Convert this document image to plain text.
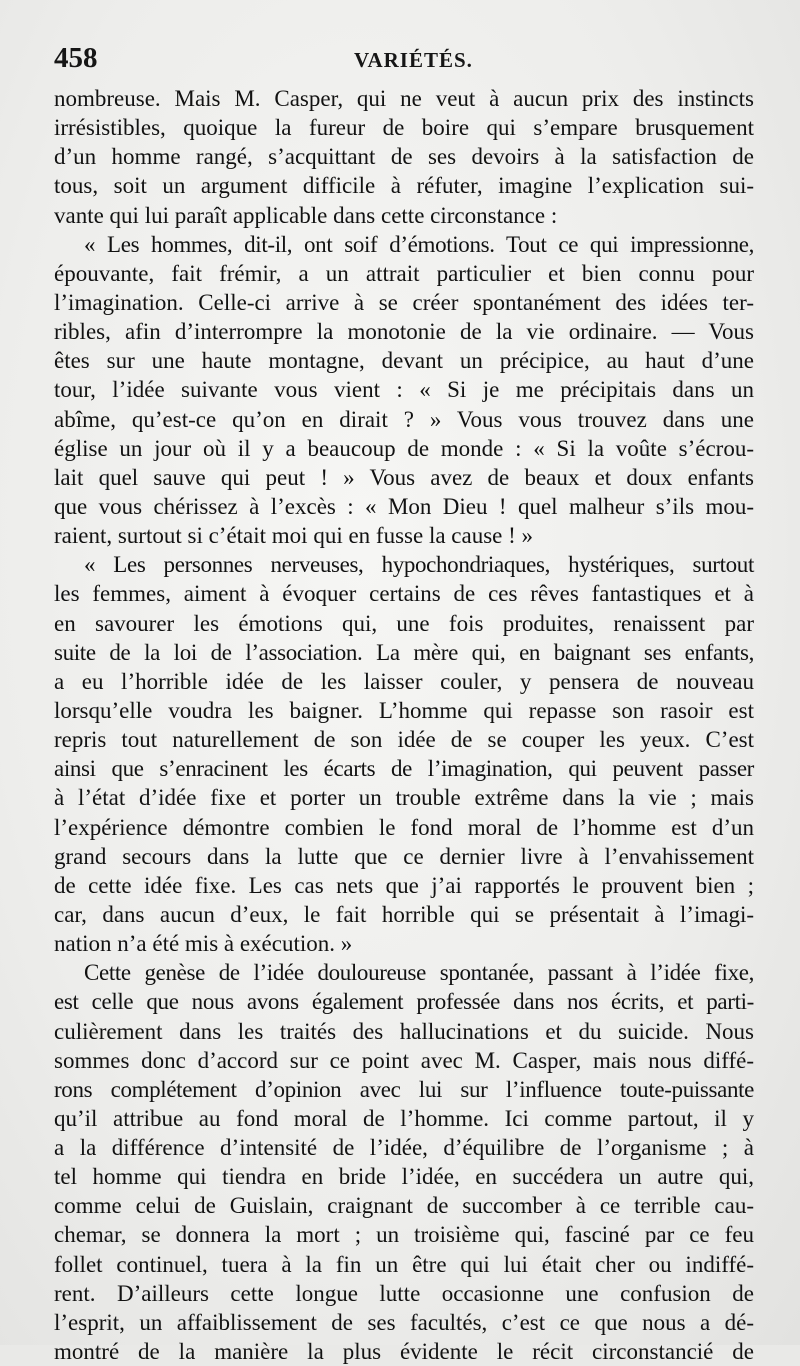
458	VARIÉTÉS.
nombreuse. Mais M. Casper, qui ne veut à aucun prix des instincts
irrésistibles, quoique la fureur de boire qui s’empare brusquement
d’un homme rangé, s’acquittant de ses devoirs à la satisfaction de
tous, soit un argument difficile à réfuter, imagine l’explication sui-
vante qui lui paraît applicable dans cette circonstance :
« Les hommes, dit-il, ont soif d’émotions. Tout ce qui impressionne,
épouvante, fait frémir, a un attrait particulier et bien connu pour
l’imagination. Celle-ci arrive à se créer spontanément des idées ter-
ribles, afin d’interrompre la monotonie de la vie ordinaire. — Vous
êtes sur une haute montagne, devant un précipice, au haut d’une
tour, l’idée suivante vous vient : « Si je me précipitais dans un
abîme, qu’est-ce qu’on en dirait ? » Vous vous trouvez dans une
église un jour où il y a beaucoup de monde : « Si la voûte s’écrou-
lait quel sauve qui peut ! » Vous avez de beaux et doux enfants
que vous chérissez à l’excès : « Mon Dieu ! quel malheur s’ils mou-
raient, surtout si c’était moi qui en fusse la cause ! »
« Les personnes nerveuses, hypochondriaques, hystériques, surtout
les femmes, aiment à évoquer certains de ces rêves fantastiques et à
en savourer les émotions qui, une fois produites, renaissent par
suite de la loi de l’association. La mère qui, en baignant ses enfants,
a eu l’horrible idée de les laisser couler, y pensera de nouveau
lorsqu’elle voudra les baigner. L’homme qui repasse son rasoir est
repris tout naturellement de son idée de se couper les yeux. C’est
ainsi que s’enracinent les écarts de l’imagination, qui peuvent passer
à l’état d’idée fixe et porter un trouble extrême dans la vie ; mais
l’expérience démontre combien le fond moral de l’homme est d’un
grand secours dans la lutte que ce dernier livre à l’envahissement
de cette idée fixe. Les cas nets que j’ai rapportés le prouvent bien ;
car, dans aucun d’eux, le fait horrible qui se présentait à l’imagi-
nation n’a été mis à exécution. »
Cette genèse de l’idée douloureuse spontanée, passant à l’idée fixe,
est celle que nous avons également professée dans nos écrits, et parti-
culièrement dans les traités des hallucinations et du suicide. Nous
sommes donc d’accord sur ce point avec M. Casper, mais nous diffé-
rons complétement d’opinion avec lui sur l’influence toute-puissante
qu’il attribue au fond moral de l’homme. Ici comme partout, il y
a la différence d’intensité de l’idée, d’équilibre de l’organisme ; à
tel homme qui tiendra en bride l’idée, en succédera un autre qui,
comme celui de Guislain, craignant de succomber à ce terrible cau-
chemar, se donnera la mort ; un troisième qui, fasciné par ce feu
follet continuel, tuera à la fin un être qui lui était cher ou indiffé-
rent. D’ailleurs cette longue lutte occasionne une confusion de
l’esprit, un affaiblissement de ses facultés, c’est ce que nous a dé-
montré de la manière la plus évidente le récit circonstancié de
